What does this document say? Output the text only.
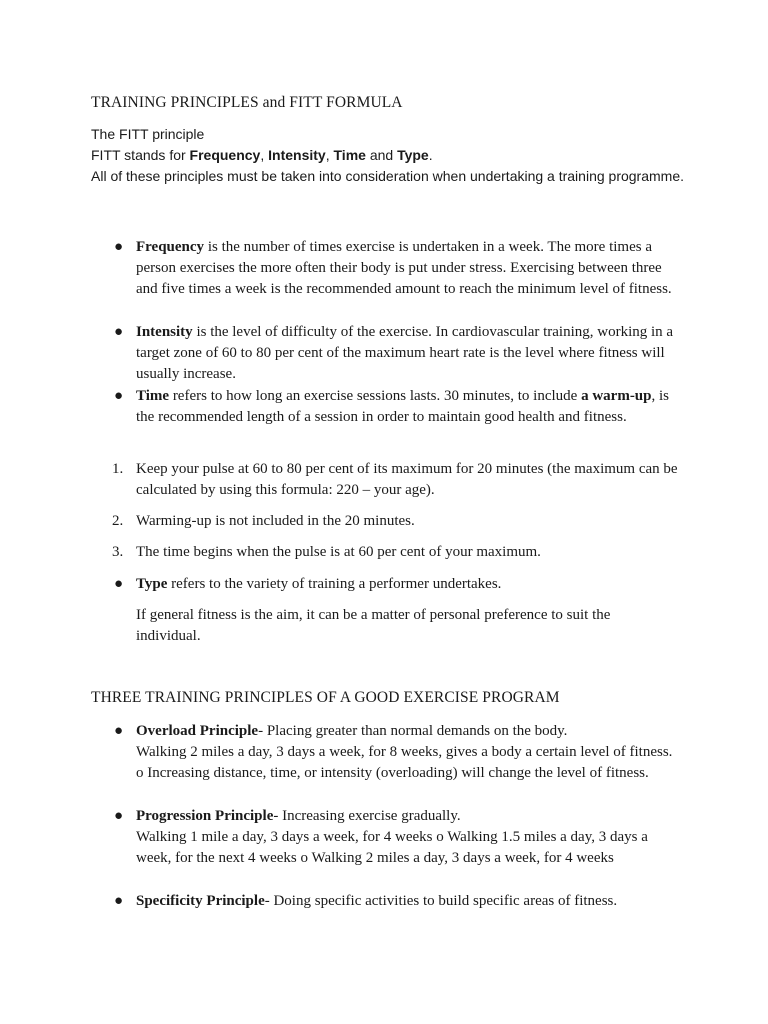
TRAINING PRINCIPLES and FITT FORMULA

The FITT principle

FITT stands for Frequency, Intensity, Time and Type.

All of these principles must be taken into consideration when undertaking a training programme.

● Frequency is the number of times exercise is undertaken in a week. The more times a person exercises the more often their body is put under stress. Exercising between three and five times a week is the recommended amount to reach the minimum level of fitness.

● Intensity is the level of difficulty of the exercise. In cardiovascular training, working in a target zone of 60 to 80 per cent of the maximum heart rate is the level where fitness will usually increase.

● Time refers to how long an exercise sessions lasts. 30 minutes, to include a warm-up, is the recommended length of a session in order to maintain good health and fitness.

1. Keep your pulse at 60 to 80 per cent of its maximum for 20 minutes (the maximum can be calculated by using this formula: 220 – your age).

2. Warming-up is not included in the 20 minutes.

3. The time begins when the pulse is at 60 per cent of your maximum.

● Type refers to the variety of training a performer undertakes.

If general fitness is the aim, it can be a matter of personal preference to suit the individual.

THREE TRAINING PRINCIPLES OF A GOOD EXERCISE PROGRAM
● Overload Principle- Placing greater than normal demands on the body.

Walking 2 miles a day, 3 days a week, for 8 weeks, gives a body a certain level of fitness. o Increasing distance, time, or intensity (overloading) will change the level of fitness.

● Progression Principle- Increasing exercise gradually.

Walking 1 mile a day, 3 days a week, for 4 weeks o Walking 1.5 miles a day, 3 days a week, for the next 4 weeks o Walking 2 miles a day, 3 days a week, for 4 weeks

● Specificity Principle- Doing specific activities to build specific areas of fitness.
